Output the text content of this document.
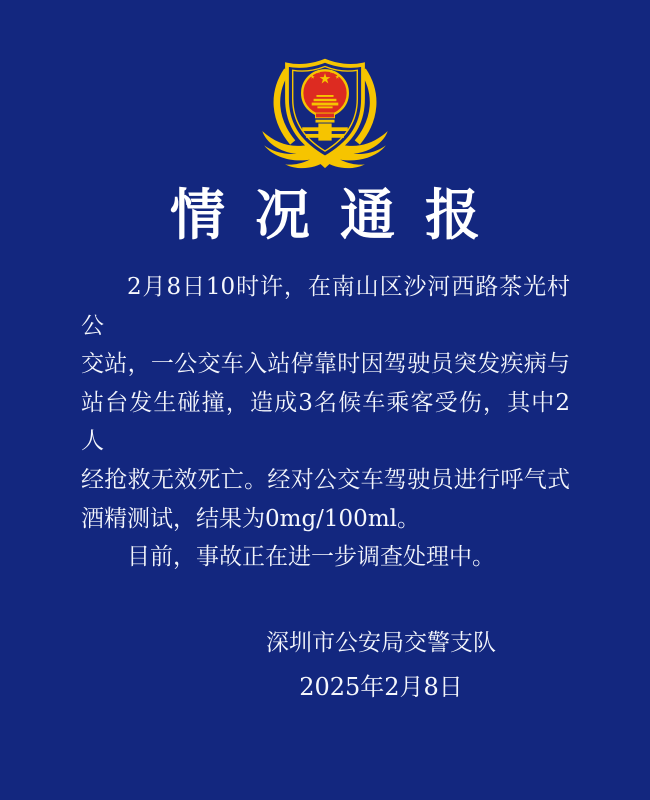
情况通报
2月8日10时许，在南山区沙河西路茶光村公
交站，一公交车入站停靠时因驾驶员突发疾病与
站台发生碰撞，造成3名候车乘客受伤，其中2人
经抢救无效死亡。经对公交车驾驶员进行呼气式
酒精测试，结果为0mg/100ml。
目前，事故正在进一步调查处理中。
深圳市公安局交警支队
2025年2月8日
